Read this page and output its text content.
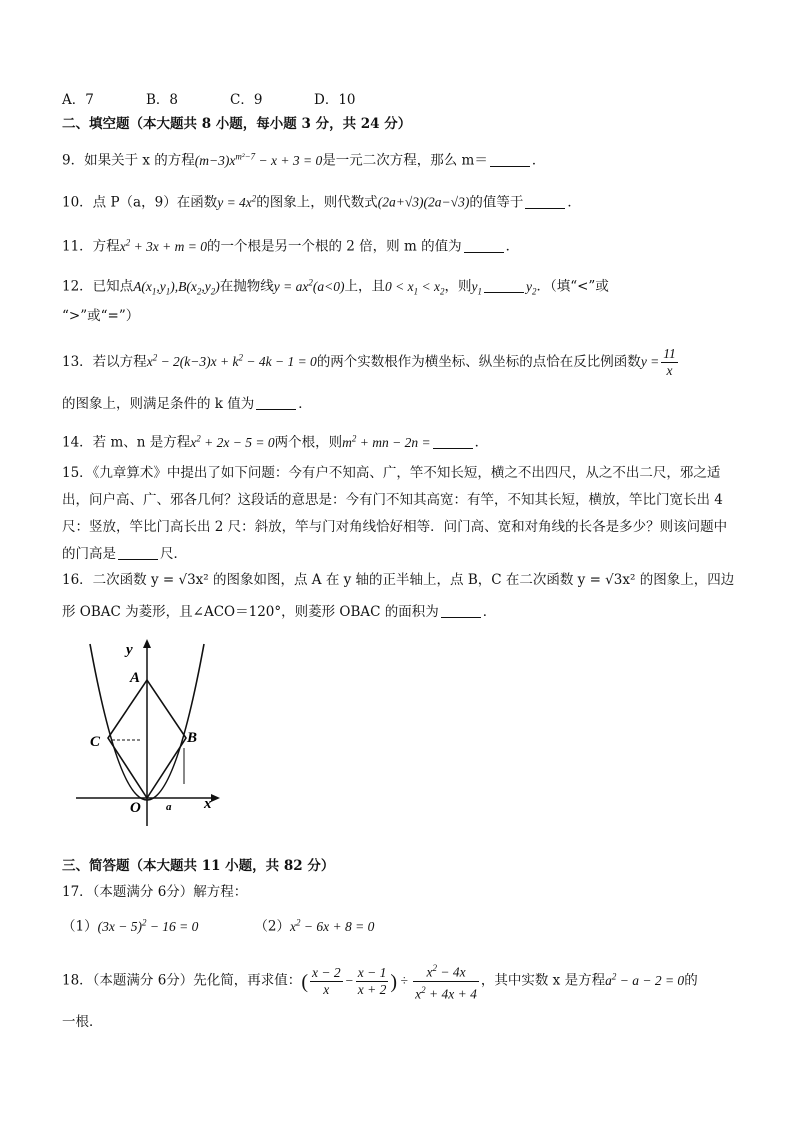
A．7	B．8	C．9	D．10
二、填空题（本大题共 8 小题，每小题 3 分，共 24 分）
9．如果关于 x 的方程$(m-3)x^{m^2-7} - x + 3 = 0$是一元二次方程，那么 m＝	．
10．点 P（a，9）在函数$y = 4x^2$的图象上，则代数式(2a+√3)(2a−√3)的值等于	．
11．方程$x^2 + 3x + m = 0$的一个根是另一个根的 2 倍，则 m 的值为	．
12．已知点$A(x_1,y_1),B(x_2,y_2)$在抛物线$y = ax^2(a<0)$上，且$0 < x_1 < x_2$，则$y_1$	$y_2$．（填“<”或
“>”或“=”）
13．若以方程$x^2 - 2(k-3)x + k^2 - 4k - 1 = 0$的两个实数根作为横坐标、纵坐标的点恰在反比例函数$y = \frac{11}{x}$
的图象上，则满足条件的 k 值为	．
14．若 m、n 是方程$x^2 + 2x - 5 = 0$两个根，则$m^2$ + mn − 2n =	．
15．《九章算术》中提出了如下问题：今有户不知高、广，竿不知长短，横之不出四尺，从之不出二尺，邪之适出，问户高、广、邪各几何？这段话的意思是：今有门不知其高宽：有竿，不知其长短，横放，竿比门宽长出 4 尺：竖放，竿比门高长出 2 尺：斜放，竿与门对角线恰好相等．问门高、宽和对角线的长各是多少？则该问题中的门高是	尺．
16．二次函数 y = √3x² 的图象如图，点 A 在 y 轴的正半轴上，点 B，C 在二次函数 y = √3x² 的图象上，四边
形 OBAC 为菱形，且∠ACO＝120°，则菱形 OBAC 的面积为	．
y
A
C	B
O ɑ x
三、简答题（本大题共 11 小题，共 82 分）
17．（本题满分 6分）解方程：
$(1)(3x - 5)^2 - 16 = 0$	$(2)x^2 - 6x + 8 = 0$
18．（本题满分 6分）先化简，再求值：( $\frac{x - 2}{x} - \frac{x - 1}{x + 2}$ ) ÷ $\frac{x^2 - 4x}{x^2 + 4x + 4}$ ，其中实数 x 是方程$a^2 - a - 2 = 0$的
一根．
